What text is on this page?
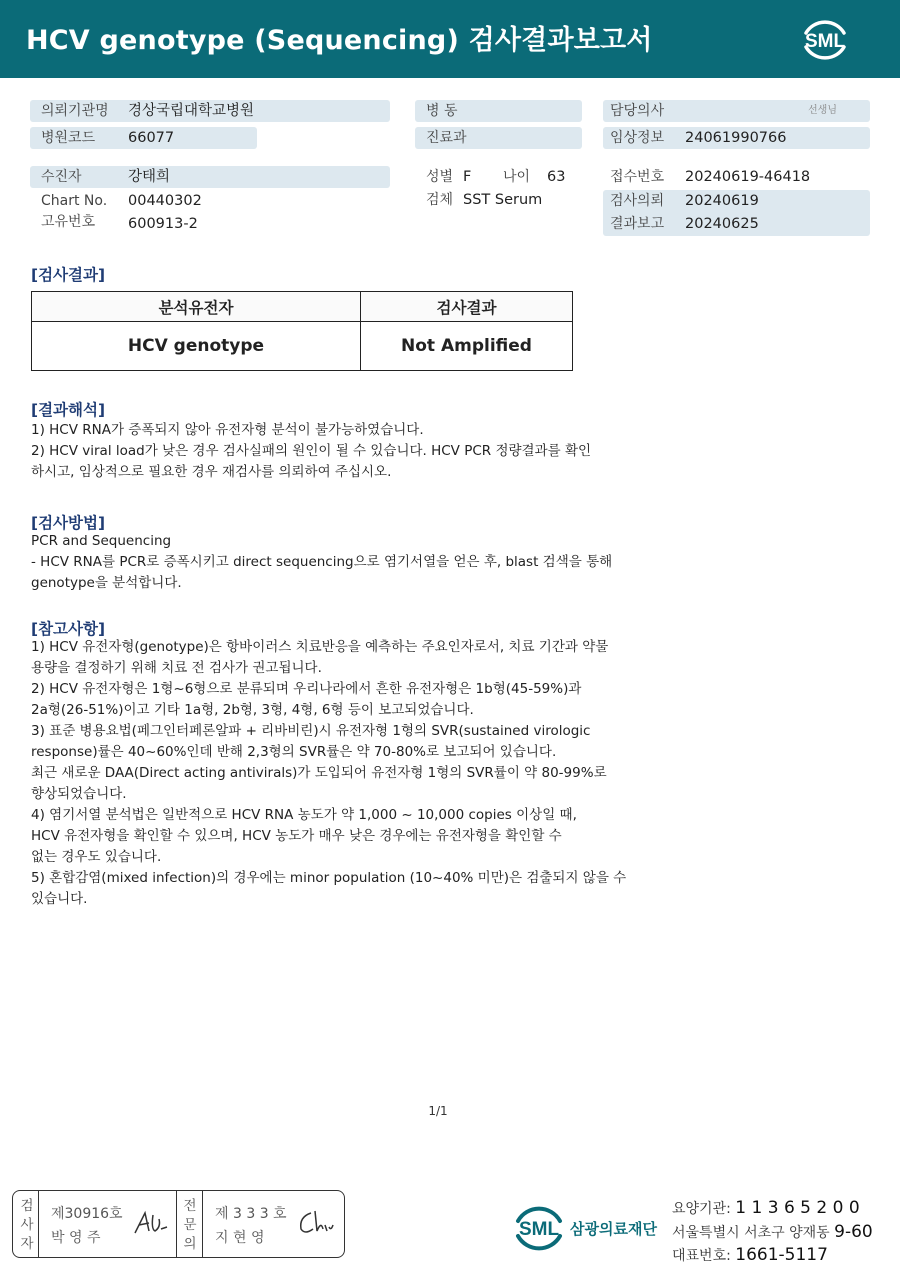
HCV genotype (Sequencing) 검사결과보고서	SML
의뢰기관명 경상국립대학교병원
병원코드 66077
병 동
진료과
담당의사	선생님
임상정보 24061990766
수진자	강태희
Chart No. 00440302
고유번호 600913-2
성별 F 나이 63
검체 SST Serum
접수번호 20240619-46418
검사의뢰 20240619
결과보고 20240625
[검사결과]
분석유전자	검사결과
HCV genotype	Not Amplified
[결과해석]
1) HCV RNA가 증폭되지 않아 유전자형 분석이 불가능하였습니다.
2) HCV viral load가 낮은 경우 검사실패의 원인이 될 수 있습니다. HCV PCR 정량결과를 확인
하시고, 임상적으로 필요한 경우 재검사를 의뢰하여 주십시오.
[검사방법]
PCR and Sequencing
- HCV RNA를 PCR로 증폭시키고 direct sequencing으로 염기서열을 얻은 후, blast 검색을 통해
genotype을 분석합니다.
[참고사항]
1) HCV 유전자형(genotype)은 항바이러스 치료반응을 예측하는 주요인자로서, 치료 기간과 약물
용량을 결정하기 위해 치료 전 검사가 권고됩니다.
2) HCV 유전자형은 1형~6형으로 분류되며 우리나라에서 흔한 유전자형은 1b형(45-59%)과
2a형(26-51%)이고 기타 1a형, 2b형, 3형, 4형, 6형 등이 보고되었습니다.
3) 표준 병용요법(페그인터페론알파 + 리바비린)시 유전자형 1형의 SVR(sustained virologic
response)률은 40~60%인데 반해 2,3형의 SVR률은 약 70-80%로 보고되어 있습니다.
최근 새로운 DAA(Direct acting antivirals)가 도입되어 유전자형 1형의 SVR률이 약 80-99%로
향상되었습니다.
4) 염기서열 분석법은 일반적으로 HCV RNA 농도가 약 1,000 ~ 10,000 copies 이상일 때,
HCV 유전자형을 확인할 수 있으며, HCV 농도가 매우 낮은 경우에는 유전자형을 확인할 수
없는 경우도 있습니다.
5) 혼합감염(mixed infection)의 경우에는 minor population (10~40% 미만)은 검출되지 않을 수
있습니다.
1/1
검
사
자
제30916호
박 영 주
전
문
의
제 3 3 3 호
지 현 영	SML 삼광의료재단
요양기관: 1 1 3 6 5 2 0 0
서울특별시 서초구 양재동 9-60
대표번호: 1661-5117
